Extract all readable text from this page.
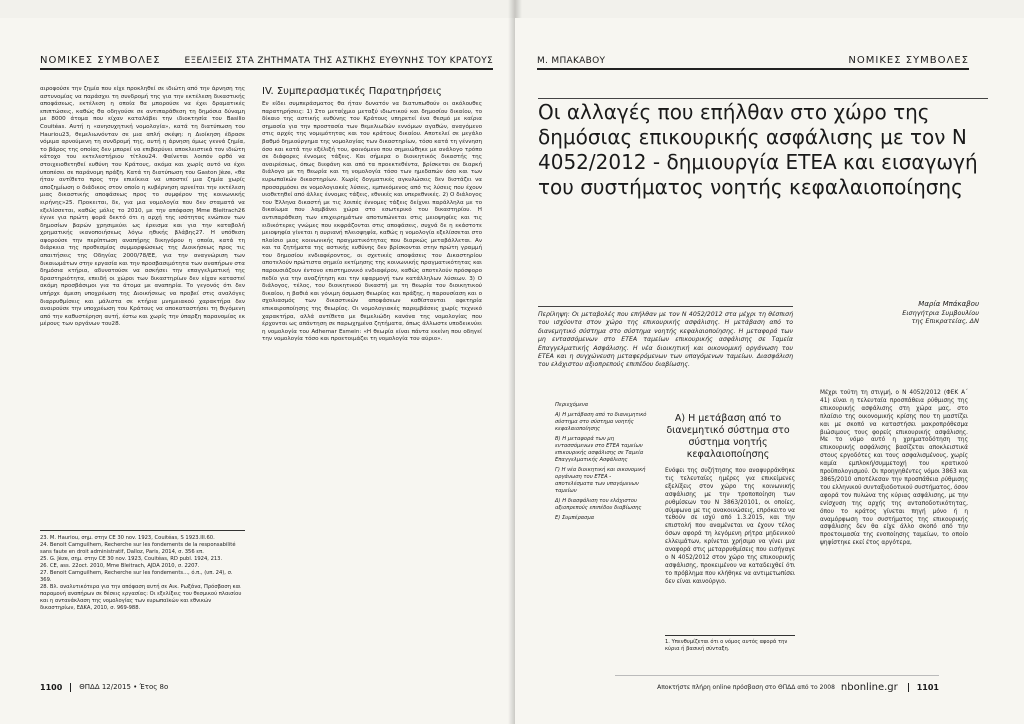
ΝΟΜΙΚΕΣ ΣΥΜΒΟΛΕΣ	ΕΞΕΛΙΞΕΙΣ ΣΤΑ ΖΗΤΗΜΑΤΑ ΤΗΣ ΑΣΤΙΚΗΣ ΕΥΘΥΝΗΣ ΤΟΥ ΚΡΑΤΟΥΣ

αιροφούσε την ζημία που είχε προκληθεί σε ιδιώτη από την άρνηση της αστυνομίας να παράσχει τη συνδρομή της για την εκτέλεση δικαστικής αποφάσεως, εκτέλεση η οποία θα μπορούσε να έχει δραματικές επιπτώσεις, καθώς θα οδηγούσε σε αντιπαράθεση τη δημόσια δύναμη με 8000 άτομα που είχαν καταλάβει την ιδιοκτησία του Basilio Couitéas. Αυτή η «ανησυχητική νομολογία», κατά τη διατύπωση του Hauriou23, θεμελιωνόνταν σε μια απλή σκέψη: η Διοίκηση έδρασε νόμιμα αρνούμενη τη συνδρομή της, αυτή η άρνηση όμως γεννά ζημία, το βάρος της οποίας δεν μπορεί να επιβαρύνει αποκλειστικά τον ιδιώτη κάτοχο του εκτελεστήριου τίτλου24. Φαίνεται λοιπόν ορθό να στοιχειοθετηθεί ευθύνη του Κράτους, ακόμα και χωρίς αυτό να έχει υποπέσει σε παράνομη πράξη. Κατά τη διατύπωση του Gaston Jèze, «θα ήταν αντίθετο προς την επιείκεια να υποστεί μια ζημία χωρίς αποζημίωση ο διάδικος στον οποίο η κυβέρνηση αρνείται την εκτέλεση μιας δικαστικής αποφάσεως προς το συμφέρον της κοινωνικής ειρήνης»25. Προκειται, δε, για μια νομολογία που δεν σταματά να εξελίσσεται, καθώς μόλις το 2010, με την απόφαση Mme Bleitrach26 έγινε για πρώτη φορά δεκτό ότι η αρχή της ισότητας ενώπιον των δημοσίων βαρών χρησιμεύει ως έρεισμα και για την καταβολή χρηματικής ικανοποιήσεως λόγω ηθικής βλάβης27. Η υπόθεση αφορούσε την περίπτωση αναπήρης δικηγόρου η οποία, κατά τη διάρκεια της προθεσμίας συμμορφώσεως της Διοικήσεως προς τις απαιτήσεις της Οδηγίας 2000/78/ΕΕ, για την αναγνώριση των δικαιωμάτων στην εργασία και την προσβασιμότητα των αναπήρων στα δημόσια κτήρια, αδυνατούσε να ασκήσει την επαγγελματική της δραστηριότητα, επειδή οι χώροι των δικαστηρίων δεν είχαν καταστεί ακόμη προσβάσιμοι για τα άτομα με αναπηρία. Το γεγονός ότι δεν υπήρχε άμεση υποχρέωση της Διοικήσεως να προβεί στις αναλόγες διαρρυθμίσεις και μάλιστα σε κτήρια μνημειακού χαρακτήρα δεν αναιρούσε την υποχρέωση του Κράτους να αποκαταστήσει τη θιγόμενη από την καθυστέρηση αυτή, έστω και χωρίς την ύπαρξη παρανομίας εκ μέρους των οργάνων του28.

IV. Συμπερασματικές Παρατηρήσεις

Εν είδει συμπεράσματος θα ήταν δυνατόν να διατυπωθούν οι ακόλουθες παρατηρήσεις: 1) Στο μεταίχμιο μεταξύ ιδιωτικού και δημοσίου δικαίου, το δίκαιο της αστικής ευθύνης του Κράτους υπηρετεί ένα θεσμό με καίρια σημασία για την προστασία των θεμελιωδών εννόμων αγαθών, αναγόμενο στις αρχές της νομιμότητας και του κράτους δικαίου. Αποτελεί σε μεγάλο βαθμό δημιούργημα της νομολογίας των δικαστηρίων, τόσο κατά τη γέννηση όσο και κατά την εξέλιξή του, φαινόμενο που σημειώθηκε με ανάλογο τρόπο σε διάφορες έννομες τάξεις. Και σήμερα ο διοικητικός δικαστής της αναιρέσεως, όπως διεφάνη και από τα προεκτεθέντα, βρίσκεται σε διαρκή διάλογο με τη θεωρία και τη νομολογία τόσο των ημεδαπών όσο και των ευρωπαϊκών δικαστηρίων. Χωρίς δογματικές αγκυλώσεις δεν διστάζει να προσαρμόσει σε νομολογιακές λύσεις, εμπνεόμενος από τις λύσεις που έχουν υιοθετηθεί από άλλες έννομες τάξεις, εθνικές και υπερεθνικές. 2) Ο διάλογος του Έλληνα δικαστή με τις λοιπές έννομες τάξεις δείχνει παράλληλα με το δικαίωμα που λαμβάνει χώρα στο εσωτερικό του δικαστηρίου. Η αντιπαράθεση των επιχειρημάτων αποτυπώνεται στις μειοψηφίες και τις ειδικότερες γνώμες που εκφράζονται στις αποφάσεις, συχνά δε η εκάστοτε μειοψηφία γίνεται η αυριανή πλειοψηφία, καθώς η νομολογία εξελίσσεται στο πλαίσιο μιας κοινωνικής πραγματικότητας που διαρκώς μεταβάλλεται. Αν και τα ζητήματα της αστικής ευθύνης δεν βρίσκονται στην πρώτη γραμμή του δημοσίου ενδιαφέροντος, οι σχετικές αποφάσεις του Δικαστηρίου αποτελούν πρώτιστα σημείο εκτίμησης της κοινωνικής πραγματικότητας και παρουσιάζουν έντονο επιστημονικό ενδιαφέρον, καθώς αποτελούν πρόσφορο πεδίο για την αναζήτηση και την εφαρμογή των κατάλληλων λύσεων. 3) Ο διάλογος, τέλος, του διοικητικού δικαστή με τη θεωρία του διοικητικού δικαίου, η βαθιά και γόνιμη όσμωση θεωρίας και πράξης, η παρουσίαση και ο σχολιασμός των δικαστικών αποφάσεων καθίστανται αφετηρία επικαιροποίησης της θεωρίας. Οι νομολογιακές παρεμβάσεις χωρίς τεχνικό χαρακτήρα, αλλά αντίθετα με θεμελιώδη κανόνα της νομολογίας που έρχονται ως απάντηση σε παρωχημένα ζητήματα, όπως άλλωστε υποδεικνύει η νομολογία του Adhemar Esmein: «Η θεωρία είναι πάντα εκείνη που οδηγεί την νομολογία τόσο και προετοιμάζει τη νομολογία του αύριο».

23. M. Hauriou, σημ. στην CE 30 nov. 1923, Couitéas, S 1923.III.60.
24. Benoit Camguilhem, Recherche sur les fondements de la responsabilité sans faute en droit administratif, Dalloz, Paris, 2014, σ. 356 επ.
25. G. Jèze, σημ. στην CE 30 nov. 1923, Couitéas, RD publ. 1924, 213.
26. CE, ass. 22oct. 2010, Mme Bleitrach, AJDA 2010, σ. 2207.
27. Benoit Camguilhem, Recherche sur les fondements..., ό.π., (υπ. 24), σ. 369.
28. Βλ. αναλυτικότερα για την απόφαση αυτή σε Αικ. Ρωξάνα, Πρόσβαση και παραμονή αναπήρων σε θέσεις εργασίας: Οι εξελίξεις του θεσμικού πλαισίου και η αντανάκλαση της νομολογίας των ευρωπαϊκών και εθνικών δικαστηρίων, ΕΔΚΑ, 2010, σ. 969-988.
1100	ΘΠΔΔ 12/2015 • Έτος 8ο
Μ. ΜΠΑΚΑΒΟΥ	ΝΟΜΙΚΕΣ ΣΥΜΒΟΛΕΣ
Οι αλλαγές που επήλθαν στο χώρο της δημόσιας επικουρικής ασφάλισης με τον Ν 4052/2012 - δημιουργία ΕΤΕΑ και εισαγωγή του συστήματος νοητής κεφαλαιοποίησης
Μαρία Μπάκαβου
Εισηγήτρια Συμβουλίου
της Επικρατείας, ΔΝ
Περίληψη: Οι μεταβολές που επήλθαν με τον Ν 4052/2012 στα μέχρι τη θέσπισή του ισχύοντα στον χώρο της επικουρικής ασφάλισης. Η μετάβαση από το διανεμητικό σύστημα στο σύστημα νοητής κεφαλαιοποίησης. Η μεταφορά των μη εντασσόμενων στο ΕΤΕΑ ταμείων επικουρικής ασφάλισης σε Ταμεία Επαγγελματικής Ασφάλισης. Η νέα διοικητική και οικονομική οργάνωση του ΕΤΕΑ και η συγχώνευση μεταφερόμενων των υπαγόμενων ταμείων. Διασφάλιση του ελάχιστου αξιοπρεπούς επιπέδου διαβίωσης.
Περιεχόμενα
Α) Η μετάβαση από το διανεμητικό σύστημα στο σύστημα νοητής κεφαλαιοποίησης
Β) Η μεταφορά των μη εντασσόμενων στο ΕΤΕΑ ταμείων επικουρικής ασφάλισης σε Ταμεία Επαγγελματικής Ασφάλισης
Γ) Η νέα διοικητική και οικονομική οργάνωση του ΕΤΕΑ - αποτελέσματα των υπαγόμενων ταμείων
Δ) Η διασφάλιση του ελάχιστου αξιοπρεπούς επιπέδου διαβίωσης
Ε) Συμπέρασμα
Α) Η μετάβαση από το διανεμητικό σύστημα στο σύστημα νοητής κεφαλαιοποίησης
Ενόψει της συζήτησης που αναφυρράκθηκε τις τελευταίες ημέρες για επικείμενες εξελίξεις στον χώρο της κοινωνικής ασφάλισης με την τροποποίηση των ρυθμίσεων του Ν 3863/20101, οι οποίες, σύμφωνα με τις ανακοινώσεις, επρόκειτο να τεθούν σε ισχύ από 1.3.2015, και την επιστολή που αναμένεται να έχουν τέλος όσων αφορά τη λεγόμενη ρήτρα μηδενικού ελλειμάτων, κρίνεται χρήσιμο να γίνει μια αναφορά στις μεταρρυθμίσεις που εισήγαγε ο Ν 4052/2012 στον χώρο της επικουρικής ασφάλισης, προκειμένου να καταδειχθεί ότι το πρόβλημα που κλήθηκε να αντιμετωπίσει δεν είναι καινούργιο.
1. Υπενθυμίζεται ότι ο νόμος αυτός αφορά την κύρια ή βασική σύνταξη.
Μέχρι τούτη τη στιγμή, ο Ν 4052/2012 (ΦΕΚ Α΄ 41) είναι η τελευταία προσπάθεια ρύθμισης της επικουρικής ασφάλισης στη χώρα μας, στο πλαίσιο της οικονομικής κρίσης που τη μαστίζει και με σκοπό να καταστήσει μακροπρόθεσμα βιώσιμους τους φορείς επικουρικής ασφάλισης. Με το νόμο αυτό η χρηματοδότηση της επικουρικής ασφάλισης βασίζεται αποκλειστικά στους εργοδότες και τους ασφαλισμένους, χωρίς καμία εμπλοκή/συμμετοχή του κρατικού προϋπολογισμού. Οι προηγηθέντες νόμοι 3863 και 3865/2010 αποτέλεσαν την προσπάθεια ρύθμισης του ελληνικού συνταξιοδοτικού συστήματος, όσον αφορά τον πυλώνα της κύριας ασφάλισης, με την ενίσχυση της αρχής της ανταποδοτικότητας, όπου το κράτος γίνεται πηγή μόνο ή η αναμόρφωση του συστήματος της επικουρικής ασφάλισης δεν θα είχε άλλο σκοπό από την προετοιμασία της ενοποίησης ταμείων, το οποίο ψηφίστηκε εκεί έτος αργότερα,
Αποκτήστε πλήρη online πρόσβαση στο ΘΠΔΔ από το 2008 nbonline.gr	1101
